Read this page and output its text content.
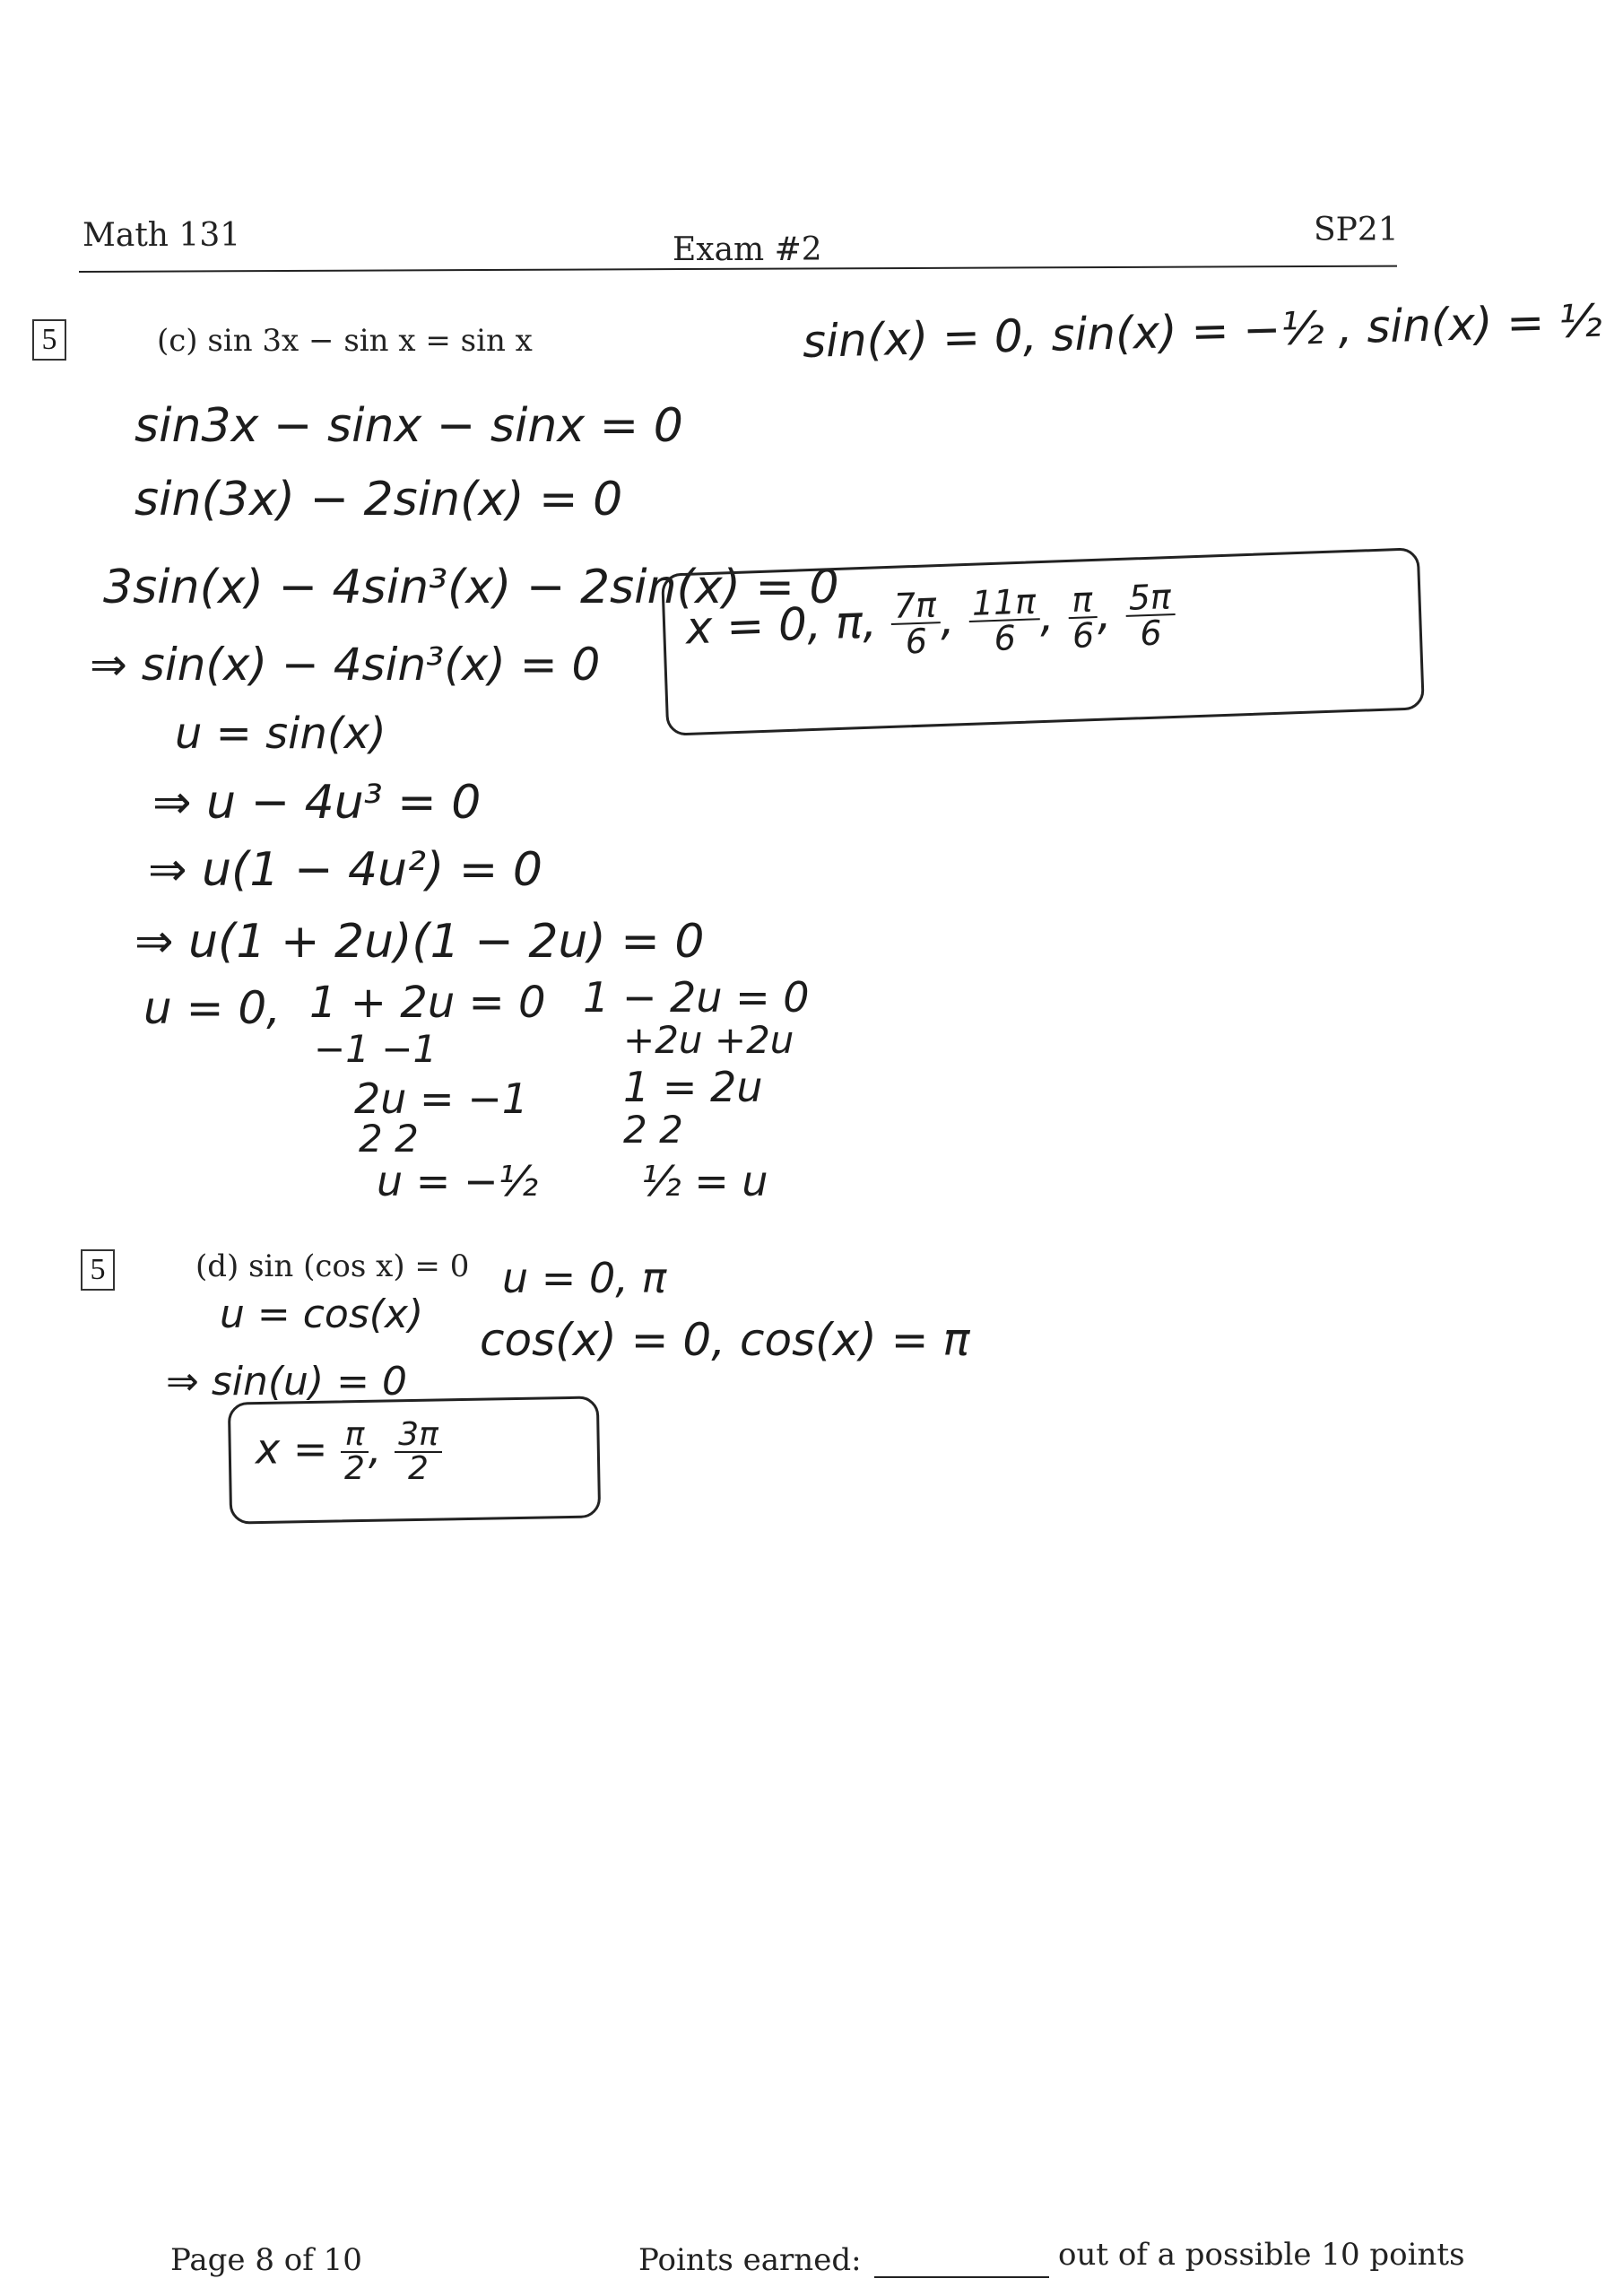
Math 131	Exam #2
SP21
5	(c) sin 3x − sin x = sin x	sin(x) = 0, sin(x) = −½ , sin(x) = ½
sin3x − sinx − sinx = 0
sin(3x) − 2sin(x) = 0
3sin(x) − 4sin³(x) − 2sin(x) = 0
⇒ sin(x) − 4sin³(x) = 0
u = sin(x)
⇒ u − 4u³ = 0
⇒ u(1 − 4u²) = 0
⇒ u(1 + 2u)(1 − 2u) = 0
u = 0, 1 + 2u = 0
−1 −1
2u = −1
2 2
u = −½
1 − 2u = 0
+2u +2u
1 = 2u
2 2
½ = u
x = 0, π, $\frac{7\pi}{6}$
,
$\frac{11\pi}{6}$
,
$\frac{\pi}{6}$
,
$\frac{5\pi}{6}$
5	(d) sin (cos x) = 0
u = cos(x)
u = 0, π
⇒ sin(u) = 0
cos(x) = 0, cos(x) = π
$x = \frac{\pi}{2}$ , $\frac{3\pi}{2}$
Page 8 of 10	Points earned:	out of a possible 10 points
